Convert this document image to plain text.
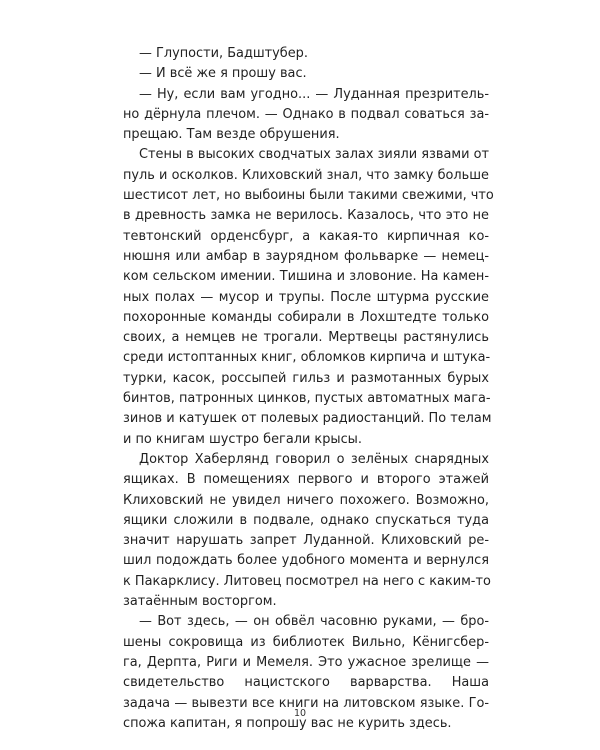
— Глупости, Бадштубер.
— И всё же я прошу вас.
— Ну, если вам угодно... — Луданная презритель-
но дёрнула плечом. — Однако в подвал соваться за-
прещаю. Там везде обрушения.
Стены в высоких сводчатых залах зияли язвами от
пуль и осколков. Клиховский знал, что замку больше
шестисот лет, но выбоины были такими свежими, что
в древность замка не верилось. Казалось, что это не
тевтонский орденсбург, а какая-то кирпичная ко-
нюшня или амбар в заурядном фольварке — немец-
ком сельском имении. Тишина и зловоние. На камен-
ных полах — мусор и трупы. После штурма русские
похоронные команды собирали в Лохштедте только
своих, а немцев не трогали. Мертвецы растянулись
среди истоптанных книг, обломков кирпича и штука-
турки, касок, россыпей гильз и размотанных бурых
бинтов, патронных цинков, пустых автоматных мага-
зинов и катушек от полевых радиостанций. По телам
и по книгам шустро бегали крысы.
Доктор Хаберлянд говорил о зелёных снарядных
ящиках. В помещениях первого и второго этажей
Клиховский не увидел ничего похожего. Возможно,
ящики сложили в подвале, однако спускаться туда
значит нарушать запрет Луданной. Клиховский ре-
шил подождать более удобного момента и вернулся
к Пакарклису. Литовец посмотрел на него с каким-то
затаённым восторгом.
— Вот здесь, — он обвёл часовню руками, — бро-
шены сокровища из библиотек Вильно, Кёнигсбер-
га, Дерпта, Риги и Мемеля. Это ужасное зрелище —
свидетельство нацистского варварства. Наша
задача — вывезти все книги на литовском языке. Го-
спожа капитан, я попрошу вас не курить здесь.
10
